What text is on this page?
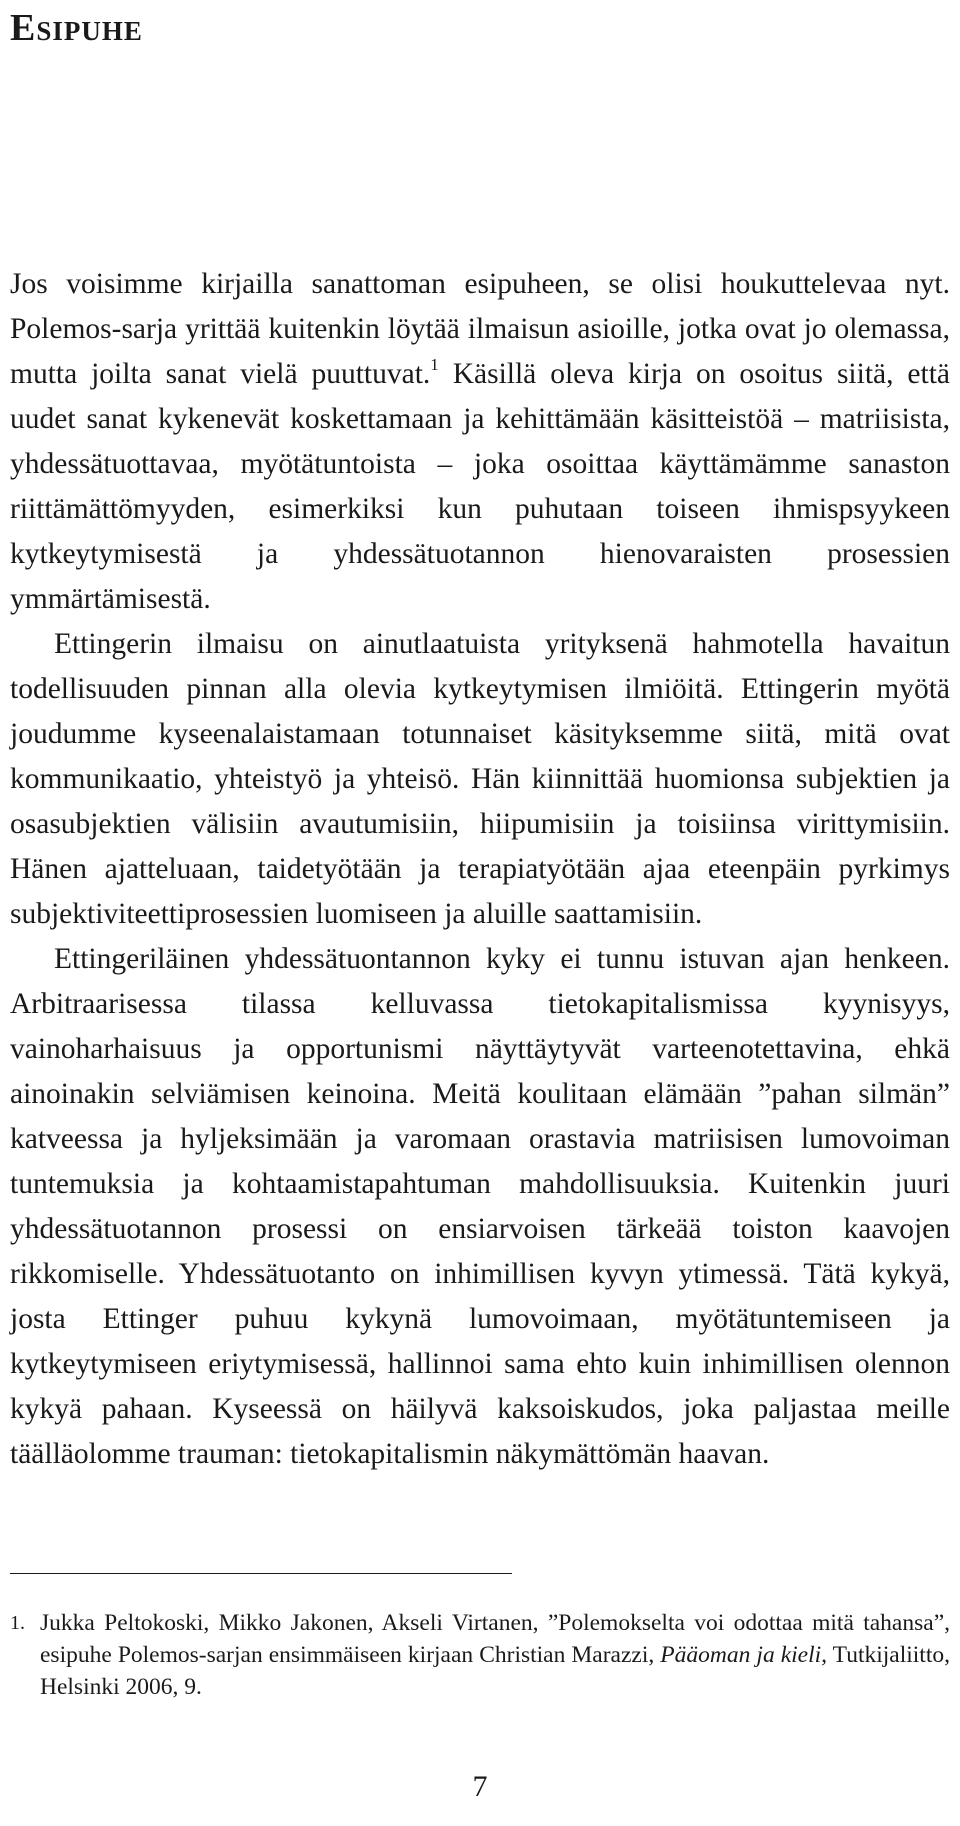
Esipuhe

Jos voisimme kirjailla sanattoman esipuheen, se olisi houkuttelevaa nyt. Polemos-sarja yrittää kuitenkin löytää ilmaisun asioille, jotka ovat jo olemassa, mutta joilta sanat vielä puuttuvat.$^1$ Käsillä oleva kirja on osoitus siitä, että uudet sanat kykenevät koskettamaan ja kehittämään käsitteistöä – matriisista, yhdessätuottavaa, myötätuntoista – joka osoittaa käyttämämme sanaston riittämättömyyden, esimerkiksi kun puhutaan toiseen ihmispsyykeen kytkeytymisestä ja yhdessätuotannon hienovaraisten prosessien ymmärtämisestä.

Ettingerin ilmaisu on ainutlaatuista yrityksenä hahmotella havaitun todellisuuden pinnan alla olevia kytkeytymisen ilmiöitä. Ettingerin myötä joudumme kyseenalaistamaan totunnaiset käsityksemme siitä, mitä ovat kommunikaatio, yhteistyö ja yhteisö. Hän kiinnittää huomionsa subjektien ja osasubjektien välisiin avautumisiin, hiipumisiin ja toisiinsa virittymisiin. Hänen ajatteluaan, taidetyötään ja terapiatyötään ajaa eteenpäin pyrkimys subjektiviteettiprosessien luomiseen ja aluille saattamisiin.

Ettingeriläinen yhdessätuontannon kyky ei tunnu istuvan ajan henkeen. Arbitraarisessa tilassa kelluvassa tietokapitalismissa kyynisyys, vainoharhaisuus ja opportunismi näyttäytyvät varteenotettavina, ehkä ainoinakin selviämisen keinoina. Meitä koulitaan elämään ”pahan silmän” katveessa ja hyljeksimään ja varomaan orastavia matriisisen lumovoiman tuntemuksia ja kohtaamistapahtuman mahdollisuuksia. Kuitenkin juuri yhdessätuotannon prosessi on ensiarvoisen tärkeää toiston kaavojen rikkomiselle. Yhdessätuotanto on inhimillisen kyvyn ytimessä. Tätä kykyä, josta Ettinger puhuu kykynä lumovoimaan, myötätuntemiseen ja kytkeytymiseen eriytymisessä, hallinnoi sama ehto kuin inhimillisen olennon kykyä pahaan. Kyseessä on häilyvä kaksoiskudos, joka paljastaa meille täälläolomme trauman: tietokapitalismin näkymättömän haavan.

1. Jukka Peltokoski, Mikko Jakonen, Akseli Virtanen, ”Polemokselta voi odottaa mitä tahansa”, esipuhe Polemos-sarjan ensimmäiseen kirjaan Christian Marazzi, Pääoman ja kieli, Tutkijaliitto, Helsinki 2006, 9.
7
